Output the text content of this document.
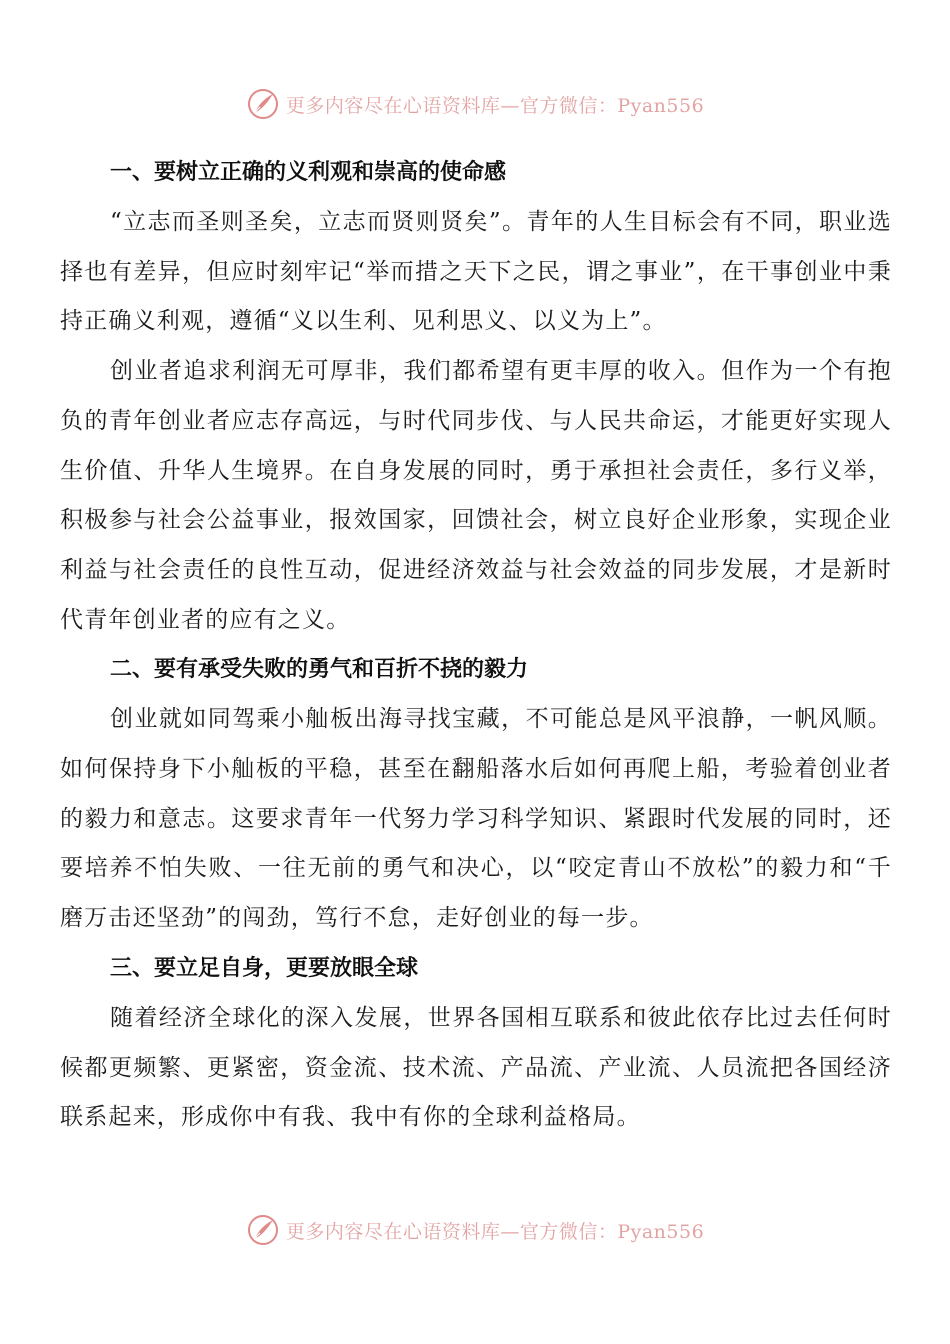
更多内容尽在心语资料库—官方微信：Pyan556
一、要树立正确的义利观和崇高的使命感

“立志而圣则圣矣，立志而贤则贤矣”。青年的人生目标会有不同，职业选择也有差异，但应时刻牢记“举而措之天下之民，谓之事业”，在干事创业中秉持正确义利观，遵循“义以生利、见利思义、以义为上”。

创业者追求利润无可厚非，我们都希望有更丰厚的收入。但作为一个有抱负的青年创业者应志存高远，与时代同步伐、与人民共命运，才能更好实现人生价值、升华人生境界。在自身发展的同时，勇于承担社会责任，多行义举，积极参与社会公益事业，报效国家，回馈社会，树立良好企业形象，实现企业利益与社会责任的良性互动，促进经济效益与社会效益的同步发展，才是新时代青年创业者的应有之义。

二、要有承受失败的勇气和百折不挠的毅力

创业就如同驾乘小舢板出海寻找宝藏，不可能总是风平浪静，一帆风顺。如何保持身下小舢板的平稳，甚至在翻船落水后如何再爬上船，考验着创业者的毅力和意志。这要求青年一代努力学习科学知识、紧跟时代发展的同时，还要培养不怕失败、一往无前的勇气和决心，以“咬定青山不放松”的毅力和“千磨万击还坚劲”的闯劲，笃行不怠，走好创业的每一步。

三、要立足自身，更要放眼全球

随着经济全球化的深入发展，世界各国相互联系和彼此依存比过去任何时候都更频繁、更紧密，资金流、技术流、产品流、产业流、人员流把各国经济联系起来，形成你中有我、我中有你的全球利益格局。

更多内容尽在心语资料库—官方微信：Pyan556
